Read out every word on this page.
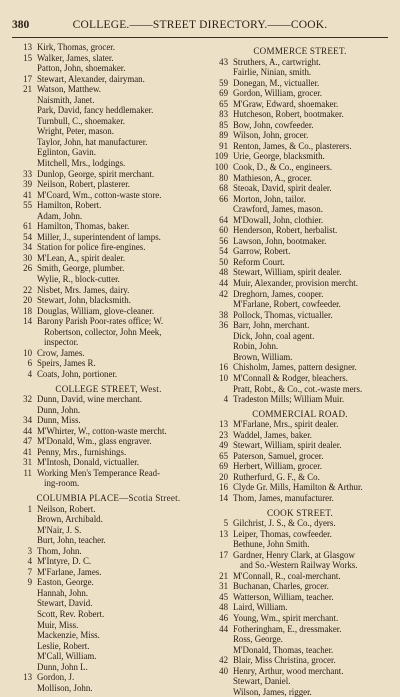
380	COLLEGE.——STREET DIRECTORY.——COOK.
13 Kirk, Thomas, grocer.
15 Walker, James, slater.
Patton, John, shoemaker.
17 Stewart, Alexander, dairyman.
21 Watson, Matthew.
Naismith, Janet.
Park, David, fancy heddlemaker.
Turnbull, C., shoemaker.
Wright, Peter, mason.
Taylor, John, hat manufacturer.
Eglinton, Gavin.
Mitchell, Mrs., lodgings.
33 Dunlop, George, spirit merchant.
39 Neilson, Robert, plasterer.
41 M'Coard, Wm., cotton-waste store.
55 Hamilton, Robert.
Adam, John.
61 Hamilton, Thomas, baker.
54 Miller, J., superintendent of lamps.
34 Station for police fire-engines.
30 M'Lean, A., spirit dealer.
26 Smith, George, plumber.
Wylie, R., block-cutter.
22 Nisbet, Mrs. James, dairy.
20 Stewart, John, blacksmith.
18 Douglas, William, glove-cleaner.
14 Barony Parish Poor-rates office; W.
Robertson, collector, John Meek,
inspector.
10 Crow, James.
6 Speirs, James R.
4 Coats, John, portioner.
COLLEGE STREET, West.
32 Dunn, David, wine merchant.
Dunn, John.
34 Dunn, Miss.
44 M'Whirter, W., cotton-waste mercht.
47 M'Donald, Wm., glass engraver.
41 Penny, Mrs., furnishings.
31 M'Intosh, Donald, victualler.
11 Working Men's Temperance Read-
ing-room.
COLUMBIA PLACE—Scotia Street.
1 Neilson, Robert.
Brown, Archibald.
M'Nair, J. S.
Burt, John, teacher.
3 Thom, John.
4 M'Intyre, D. C.
7 M'Farlane, James.
9 Easton, George.
Hannah, John.
Stewart, David.
Scott, Rev. Robert.
Muir, Miss.
Mackenzie, Miss.
Leslie, Robert.
M'Call, William.
Dunn, John L.
13 Gordon, J.
Mollison, John.
COMMERCE STREET.
43 Struthers, A., cartwright.
Fairlie, Ninian, smith.
59 Donegan, M., victualler.
69 Gordon, William, grocer.
65 M'Graw, Edward, shoemaker.
83 Hutcheson, Robert, bootmaker.
85 Bow, John, cowfeeder.
89 Wilson, John, grocer.
91 Renton, James, & Co., plasterers.
109 Urie, George, blacksmith.
100 Cook, D., & Co., engineers.
80 Mathieson, A., grocer.
68 Steoak, David, spirit dealer.
66 Morton, John, tailor.
Crawford, James, mason.
64 M'Dowall, John, clothier.
60 Henderson, Robert, herbalist.
56 Lawson, John, bootmaker.
54 Garrow, Robert.
50 Reform Court.
48 Stewart, William, spirit dealer.
44 Muir, Alexander, provision mercht.
42 Dreghorn, James, cooper.
M'Farlane, Robert, cowfeeder.
38 Pollock, Thomas, victualler.
36 Barr, John, merchant.
Dick, John, coal agent.
Robin, John.
Brown, William.
16 Chisholm, James, pattern designer.
10 M'Connall & Rodger, bleachers.
Pratt, Robt., & Co., cot.-waste mers.
4 Tradeston Mills; William Muir.
COMMERCIAL ROAD.
13 M'Farlane, Mrs., spirit dealer.
23 Waddel, James, baker.
49 Stewart, William, spirit dealer.
65 Paterson, Samuel, grocer.
69 Herbert, William, grocer.
20 Rutherfurd, G. F., & Co.
16 Clyde Gr. Mills, Hamilton & Arthur.
14 Thom, James, manufacturer.
COOK STREET.
5 Gilchrist, J. S., & Co., dyers.
13 Leiper, Thomas, cowfeeder.
Bethune, John Smith.
17 Gardner, Henry Clark, at Glasgow
and So.-Western Railway Works.
21 M'Connall, R., coal-merchant.
31 Buchanan, Charles, grocer.
45 Watterson, William, teacher.
48 Laird, William.
46 Young, Wm., spirit merchant.
44 Fotheringham, E., dressmaker.
Ross, George.
M'Donald, Thomas, teacher.
42 Blair, Miss Christina, grocer.
40 Henry, Arthur, wood merchant.
Stewart, Daniel.
Wilson, James, rigger.
